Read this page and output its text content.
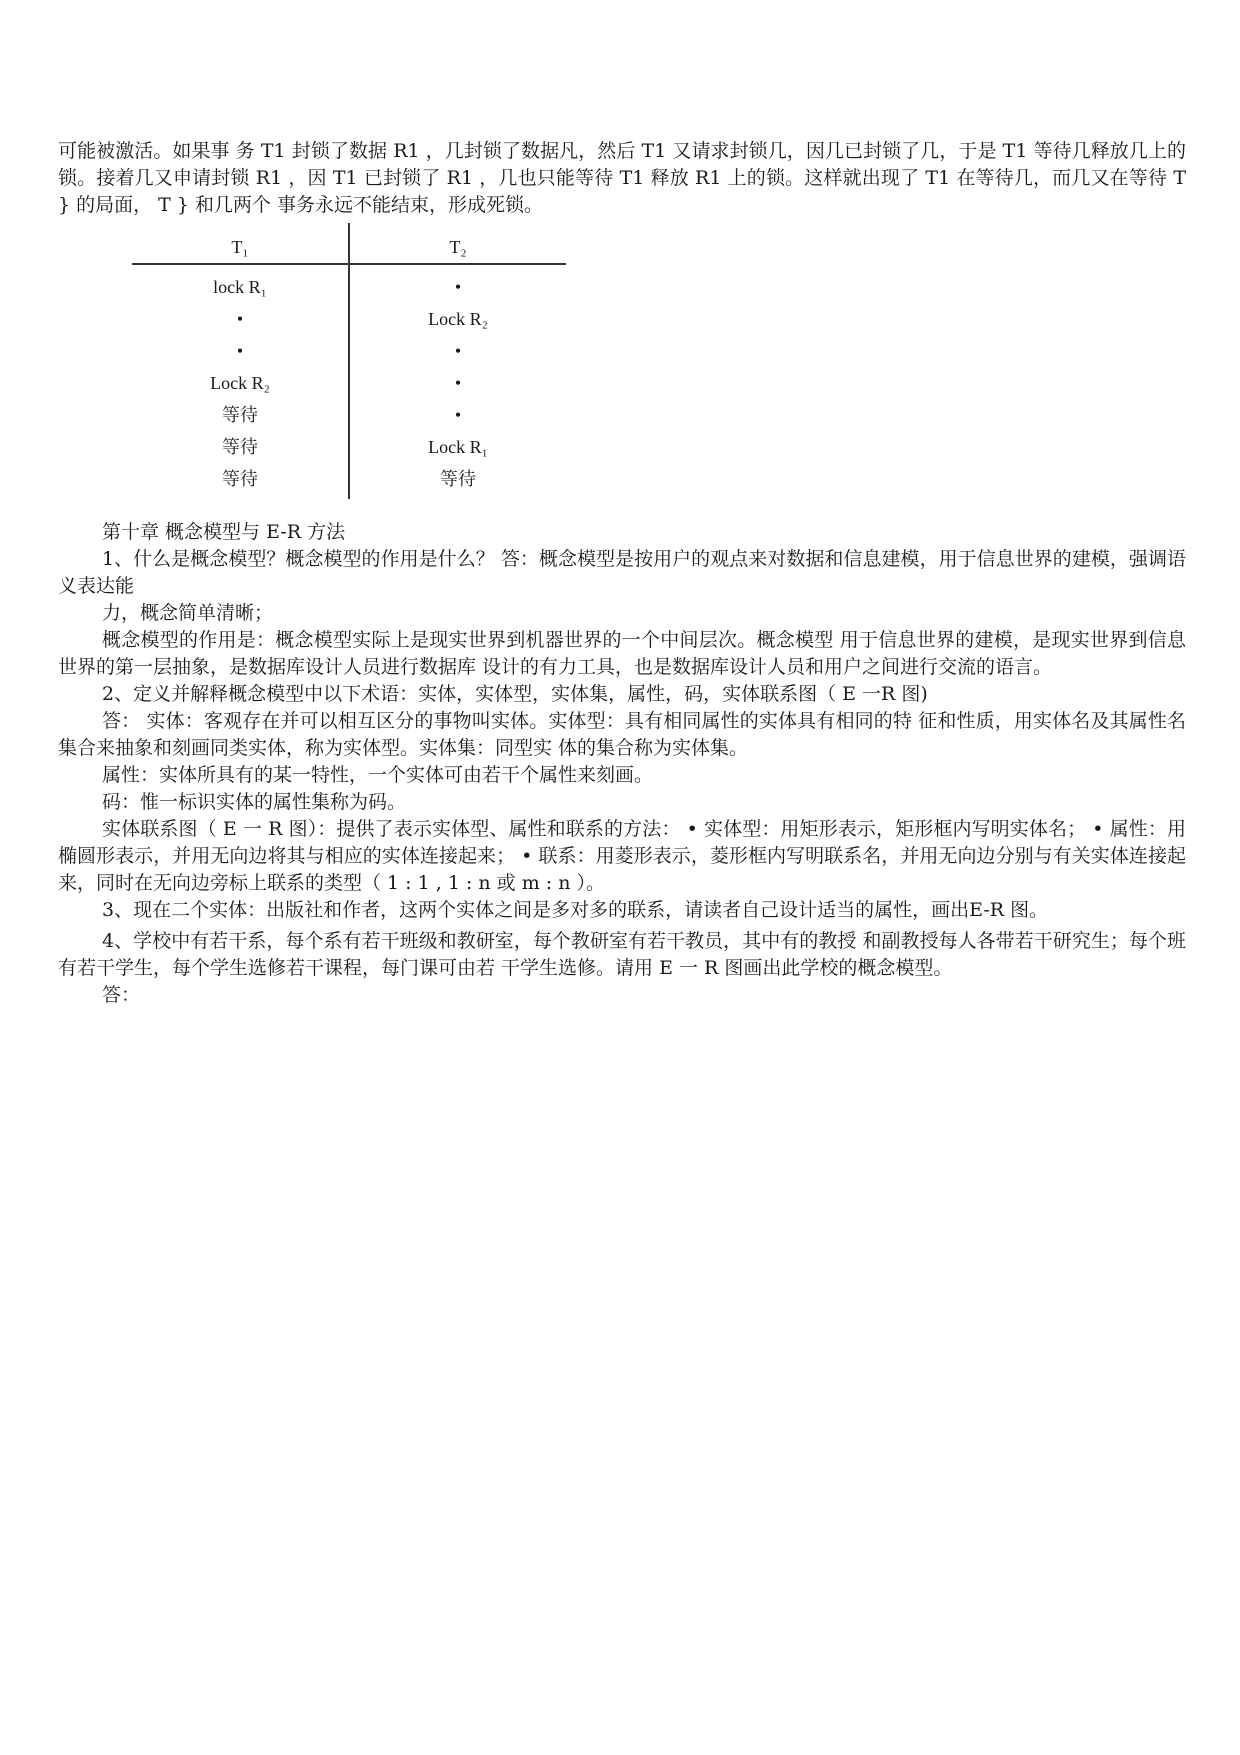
可能被激活。如果事 务 T1 封锁了数据 R1 ，几封锁了数据凡，然后 T1 又请求封锁几，因几已封锁了几，于是 T1 等待几释放几上的锁。接着几又申请封锁 R1 ，因 T1 已封锁了 R1 ，几也只能等待 T1 释放 R1 上的锁。这样就出现了 T1 在等待几，而几又在等待 T } 的局面， T } 和几两个 事务永远不能结束，形成死锁。

T₁
lock R₁
•
•
Lock R₂
等待
等待
等待
T₂
•
Lock R₂
•
•
•
Lock R₁
等待

第十章 概念模型与 E-R 方法

1、什么是概念模型？概念模型的作用是什么？ 答：概念模型是按用户的观点来对数据和信息建模，用于信息世界的建模，强调语义表达能

力，概念简单清晰；

概念模型的作用是：概念模型实际上是现实世界到机器世界的一个中间层次。概念模型 用于信息世界的建模，是现实世界到信息世界的第一层抽象，是数据库设计人员进行数据库 设计的有力工具，也是数据库设计人员和用户之间进行交流的语言。

2、定义并解释概念模型中以下术语：实体，实体型，实体集，属性，码，实体联系图（ E 一R 图)

答： 实体：客观存在并可以相互区分的事物叫实体。实体型：具有相同属性的实体具有相同的特 征和性质，用实体名及其属性名集合来抽象和刻画同类实体，称为实体型。实体集：同型实 体的集合称为实体集。

属性：实体所具有的某一特性，一个实体可由若干个属性来刻画。

码：惟一标识实体的属性集称为码。

实体联系图（ E 一 R 图）：提供了表示实体型、属性和联系的方法： • 实体型：用矩形表示，矩形框内写明实体名； • 属性：用椭圆形表示，并用无向边将其与相应的实体连接起来； • 联系：用菱形表示，菱形框内写明联系名，并用无向边分别与有关实体连接起来，同时在无向边旁标上联系的类型（ 1 : 1 , 1 : n 或 m : n ）。

3、现在二个实体：出版社和作者，这两个实体之间是多对多的联系，请读者自己设计适当的属性，画出E-R 图。

4、学校中有若干系，每个系有若干班级和教研室，每个教研室有若干教员，其中有的教授 和副教授每人各带若干研究生；每个班有若干学生，每个学生选修若干课程，每门课可由若 干学生选修。请用 E 一 R 图画出此学校的概念模型。

答：
